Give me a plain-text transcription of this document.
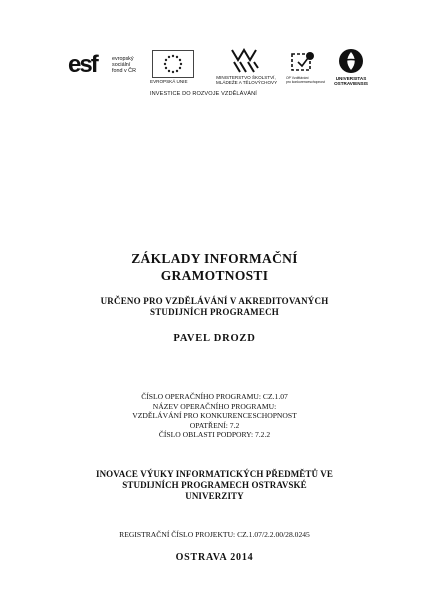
esf	evropský
sociální
fond v ČR
EVROPSKÁ UNIE
MINISTERSTVO ŠKOLSTVÍ,
MLÁDEŽE A TĚLOVÝCHOVY
OP Vzdělávání
pro konkurenceschopnost
UNIVERSITAS
OSTRAVIENSIS
INVESTICE DO ROZVOJE VZDĚLÁVÁNÍ
ZÁKLADY INFORMAČNÍ
GRAMOTNOSTI
URČENO PRO VZDĚLÁVÁNÍ V AKREDITOVANÝCH
STUDIJNÍCH PROGRAMECH
PAVEL DROZD
ČÍSLO OPERAČNÍHO PROGRAMU: CZ.1.07
NÁZEV OPERAČNÍHO PROGRAMU:
VZDĚLÁVÁNÍ PRO KONKURENCESCHOPNOST
OPATŘENÍ: 7.2
ČÍSLO OBLASTI PODPORY: 7.2.2
INOVACE VÝUKY INFORMATICKÝCH PŘEDMĚTŮ VE
STUDIJNÍCH PROGRAMECH OSTRAVSKÉ
UNIVERZITY
REGISTRAČNÍ ČÍSLO PROJEKTU: CZ.1.07/2.2.00/28.0245
OSTRAVA 2014
